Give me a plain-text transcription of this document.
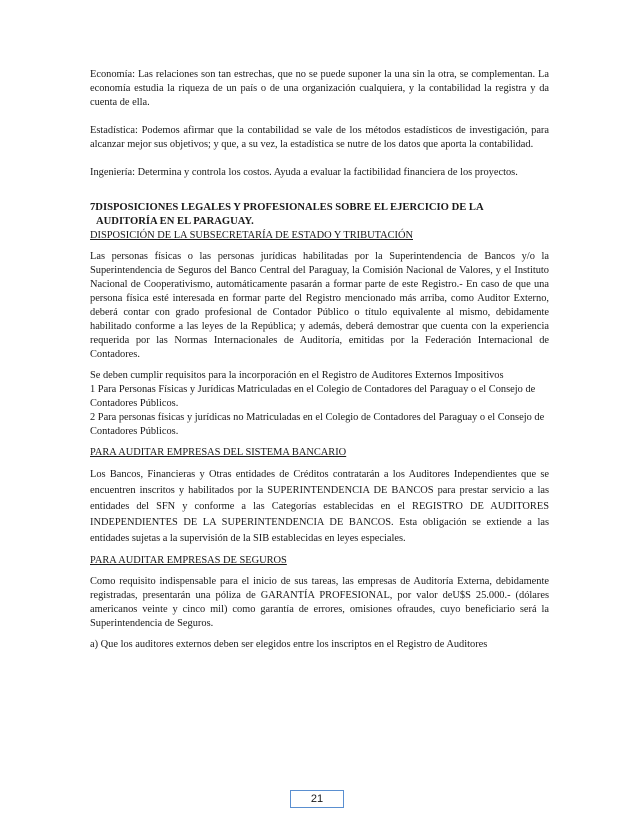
Economía: Las relaciones son tan estrechas, que no se puede suponer la una sin la otra, se complementan. La economía estudia la riqueza de un país o de una organización cualquiera, y la contabilidad la registra y da cuenta de ella.

Estadística: Podemos afirmar que la contabilidad se vale de los métodos estadísticos de investigación, para alcanzar mejor sus objetivos; y que, a su vez, la estadística se nutre de los datos que aporta la contabilidad.

Ingeniería: Determina y controla los costos. Ayuda a evaluar la factibilidad financiera de los proyectos.

7DISPOSICIONES LEGALES Y PROFESIONALES SOBRE EL EJERCICIO DE LA
AUDITORÍA EN EL PARAGUAY.

DISPOSICIÓN DE LA SUBSECRETARÍA DE ESTADO Y TRIBUTACIÓN

Las personas físicas o las personas jurídicas habilitadas por la Superintendencia de Bancos y/o la Superintendencia de Seguros del Banco Central del Paraguay, la Comisión Nacional de Valores, y el Instituto Nacional de Cooperativismo, automáticamente pasarán a formar parte de este Registro.- En caso de que una persona física esté interesada en formar parte del Registro mencionado más arriba, como Auditor Externo, deberá contar con grado profesional de Contador Público o título equivalente al mismo, debidamente habilitado conforme a las leyes de la República; y además, deberá demostrar que cuenta con la experiencia requerida por las Normas Internacionales de Auditoría, emitidas por la Federación Internacional de Contadores.

Se deben cumplir requisitos para la incorporación en el Registro de Auditores Externos Impositivos

1 Para Personas Físicas y Jurídicas Matriculadas en el Colegio de Contadores del Paraguay o el Consejo de Contadores Públicos.

2 Para personas físicas y jurídicas no Matriculadas en el Colegio de Contadores del Paraguay o el Consejo de Contadores Públicos.

PARA AUDITAR EMPRESAS DEL SISTEMA BANCARIO

Los Bancos, Financieras y Otras entidades de Créditos contratarán a los Auditores Independientes que se encuentren inscritos y habilitados por la SUPERINTENDENCIA DE BANCOS para prestar servicio a las entidades del SFN y conforme a las Categorías establecidas en el REGISTRO DE AUDITORES INDEPENDIENTES DE LA SUPERINTENDENCIA DE BANCOS. Esta obligación se extiende a las entidades sujetas a la supervisión de la SIB establecidas en leyes especiales.

PARA AUDITAR EMPRESAS DE SEGUROS

Como requisito indispensable para el inicio de sus tareas, las empresas de Auditoría Externa, debidamente registradas, presentarán una póliza de GARANTÍA PROFESIONAL, por valor deU$S 25.000.- (dólares americanos veinte y cinco mil) como garantía de errores, omisiones ofraudes, cuyo beneficiario será la Superintendencia de Seguros.

a) Que los auditores externos deben ser elegidos entre los inscriptos en el Registro de Auditores

21
